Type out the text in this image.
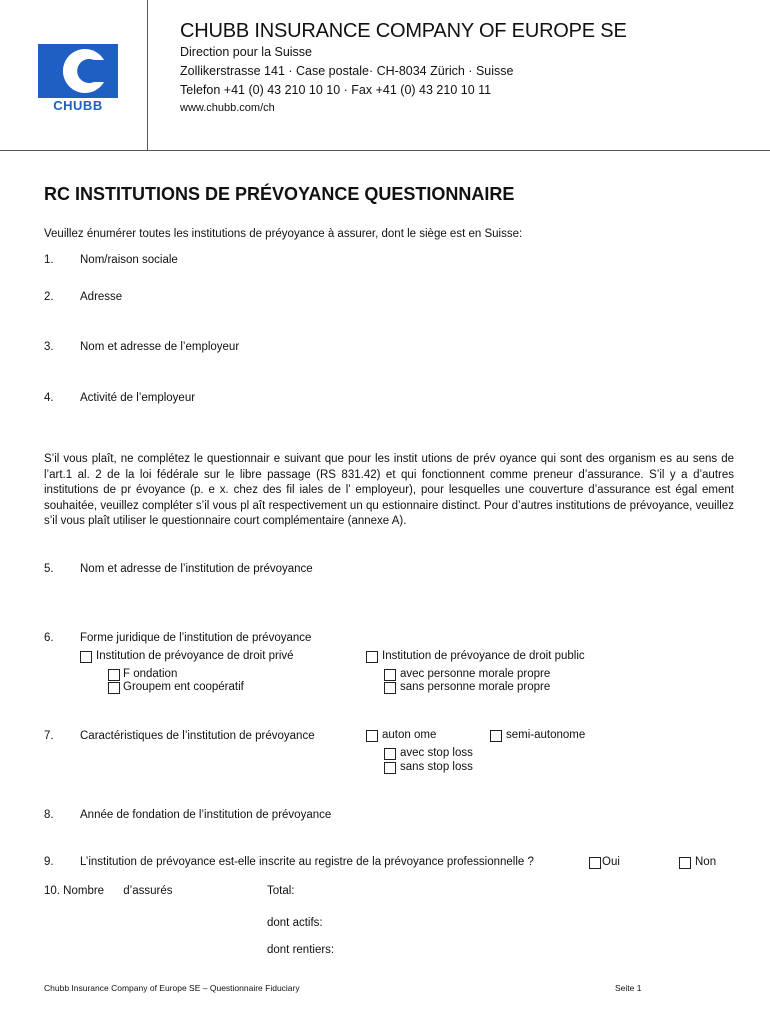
CHUBB
CHUBB INSURANCE COMPANY OF EUROPE SE
Direction pour la Suisse
Zollikerstrasse 141 · Case postale· CH-8034 Zürich · Suisse
Telefon +41 (0) 43 210 10 10 · Fax +41 (0) 43 210 10 11
www.chubb.com/ch
RC INSTITUTIONS DE PRÉVOYANCE QUESTIONNAIRE
Veuillez énumérer toutes les institutions de préyoyance à assurer, dont le siège est en Suisse:
1. Nom/raison sociale
2. Adresse
3. Nom et adresse de l’employeur
4. Activité de l’employeur
S’il vous plaît, ne complétez le questionnair e suivant que pour les instit utions de prév oyance qui sont des organism es au sens de l’art.1 al. 2 de la loi fédérale sur le libre passage (RS 831.42) et qui fonctionnent comme preneur d’assurance. S’il y a d’autres institutions de pr évoyance (p. e x. chez des fil iales de l’ employeur), pour lesquelles une couverture d’assurance est égal ement souhaitée, veuillez compléter s’il vous pl aît respectivement un qu estionnaire distinct. Pour d’autres institutions de prévoyance, veuillez s’il vous plaît utiliser le questionnaire court complémentaire (annexe A).
5. Nom et adresse de l’institution de prévoyance
6. Forme juridique de l’institution de prévoyance
Institution de prévoyance de droit privé
F ondation
Groupem ent coopératif
Institution de prévoyance de droit public
avec personne morale propre
sans personne morale propre
7. Caractéristiques de l’institution de prévoyance	auton ome	semi-autonome
avec stop loss
sans stop loss
8. Année de fondation de l’institution de prévoyance
9. L’institution de prévoyance est-elle inscrite au registre de la prévoyance professionnelle ?	Oui	Non
10. Nombre      d’assurés	Total:
dont actifs:
dont rentiers:
Chubb Insurance Company of Europe SE – Questionnaire Fiduciary	Seite 1
